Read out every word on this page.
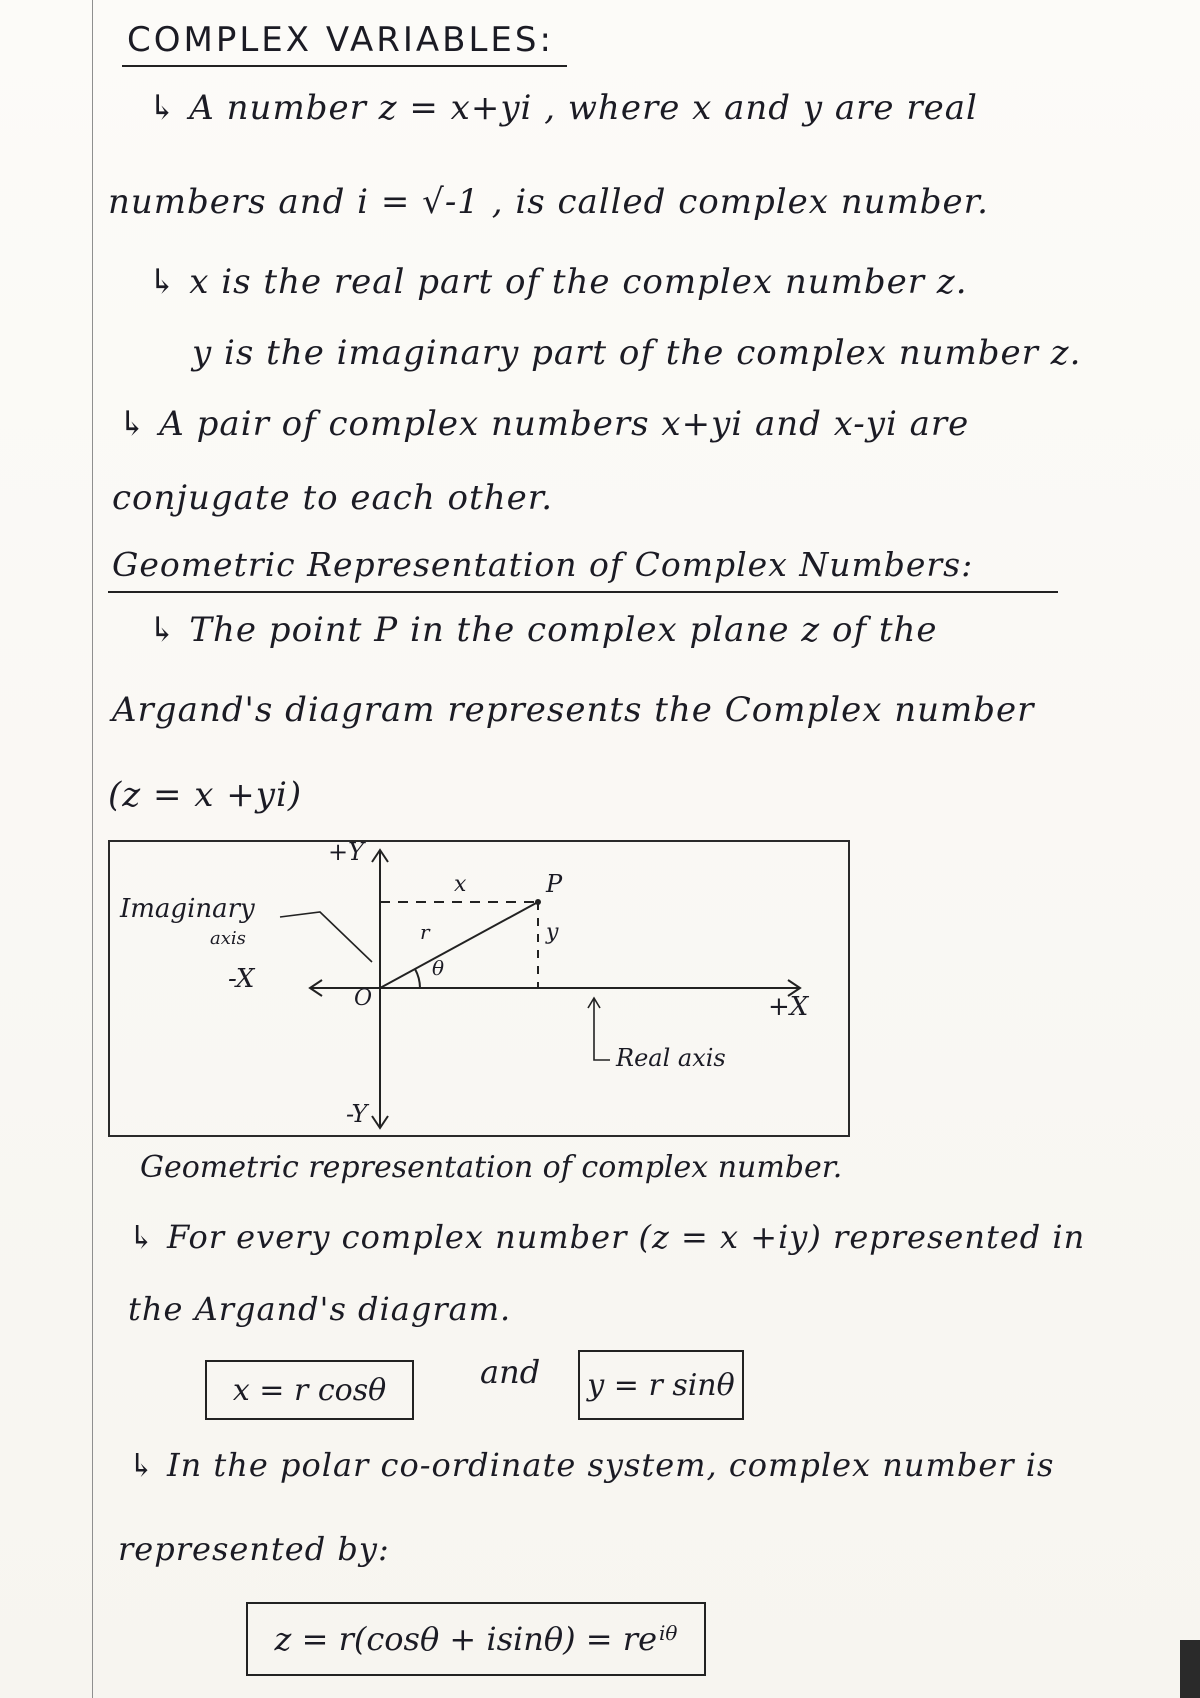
COMPLEX VARIABLES:
↳ A number z = x+yi , where x and y are real
numbers and i = √-1 , is called complex number.
↳ x is the real part of the complex number z.
y is the imaginary part of the complex number z.
↳ A pair of complex numbers x+yi and x-yi are
conjugate to each other.
Geometric Representation of Complex Numbers:
↳ The point P in the complex plane z of the
Argand's diagram represents the Complex number
(z = x +yi)
+Y
-Y
-X
+X
O
P
x
y
r
θ
Imaginary
axis
Real axis
Geometric representation of complex number.
↳ For every complex number (z = x +iy) represented in
the Argand's diagram.
x = r cosθ	and	y = r sinθ
↳ In the polar co-ordinate system, complex number is
represented by:
$z = r(\cos\theta + isin\theta) = re^{i\theta}$
